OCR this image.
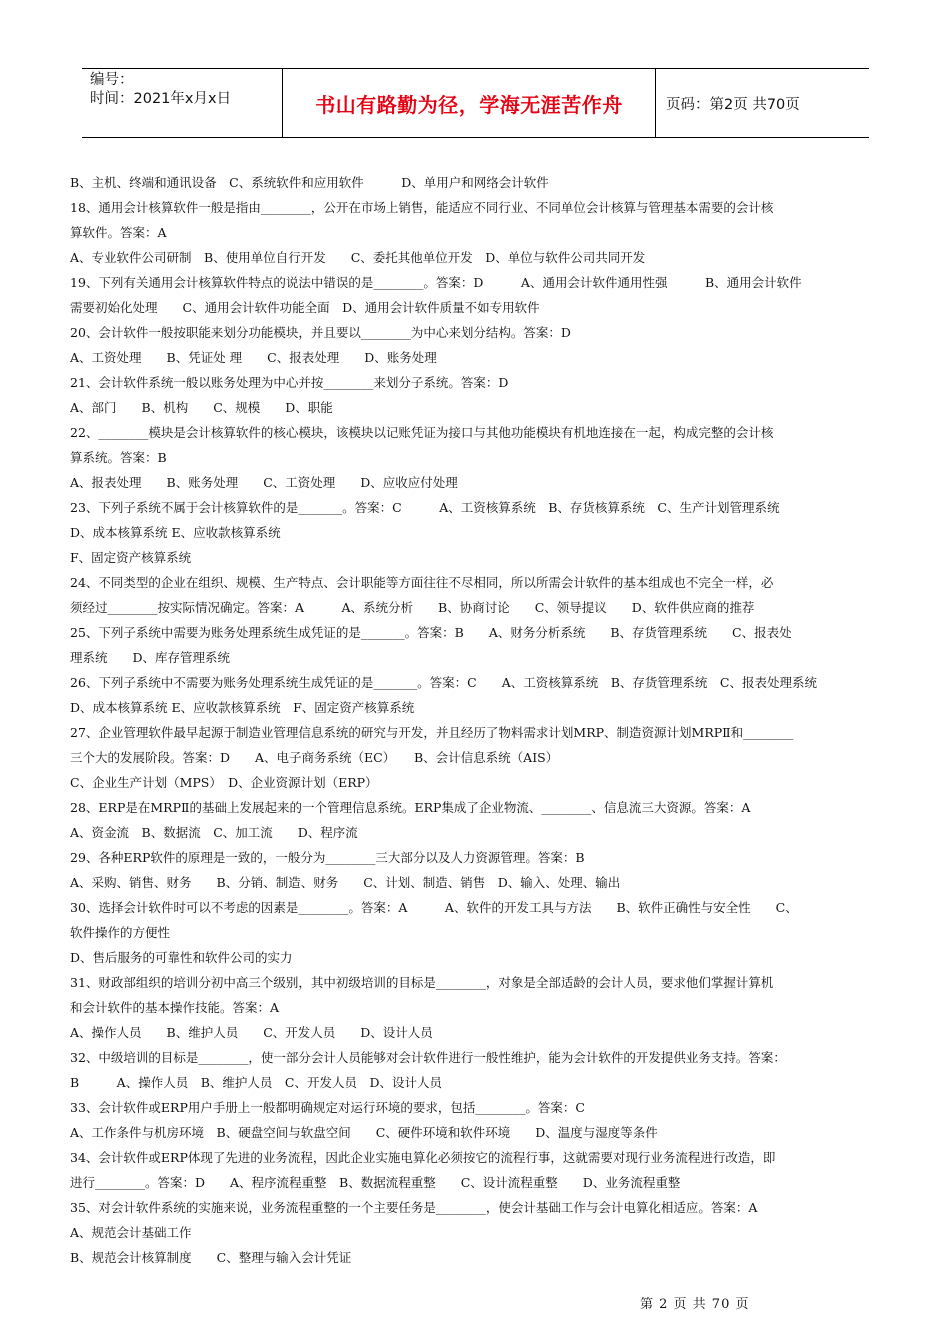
编号：
时间：2021年x月x日	书山有路勤为径，学海无涯苦作舟	页码：第2页 共70页
B、主机、终端和通讯设备　C、系统软件和应用软件　　　D、单用户和网络会计软件
18、通用会计核算软件一般是指由________，公开在市场上销售，能适应不同行业、不同单位会计核算与管理基本需要的会计核
算软件。答案：A
A、专业软件公司研制　B、使用单位自行开发　　C、委托其他单位开发　D、单位与软件公司共同开发
19、下列有关通用会计核算软件特点的说法中错误的是________。答案：D　　　A、通用会计软件通用性强　　　B、通用会计软件
需要初始化处理　　C、通用会计软件功能全面　D、通用会计软件质量不如专用软件
20、会计软件一般按职能来划分功能模块，并且要以________为中心来划分结构。答案：D
A、工资处理　　B、凭证处 理　　C、报表处理　　D、账务处理
21、会计软件系统一般以账务处理为中心并按________来划分子系统。答案：D
A、部门　　B、机构　　C、规模　　D、职能
22、________模块是会计核算软件的核心模块，该模块以记账凭证为接口与其他功能模块有机地连接在一起，构成完整的会计核
算系统。答案：B
A、报表处理　　B、账务处理　　C、工资处理　　D、应收应付处理
23、下列子系统不属于会计核算软件的是_______。答案：C　　　A、工资核算系统　B、存货核算系统　C、生产计划管理系统
D、成本核算系统 E、应收款核算系统
F、固定资产核算系统
24、不同类型的企业在组织、规模、生产特点、会计职能等方面往往不尽相同，所以所需会计软件的基本组成也不完全一样，必
须经过________按实际情况确定。答案：A　　　A、系统分析　　B、协商讨论　　C、领导提议　　D、软件供应商的推荐
25、下列子系统中需要为账务处理系统生成凭证的是_______。答案：B　　A、财务分析系统　　B、存货管理系统　　C、报表处
理系统　　D、库存管理系统
26、下列子系统中不需要为账务处理系统生成凭证的是_______。答案：C　　A、工资核算系统　B、存货管理系统　C、报表处理系统
D、成本核算系统 E、应收款核算系统　F、固定资产核算系统
27、企业管理软件最早起源于制造业管理信息系统的研究与开发，并且经历了物料需求计划MRP、制造资源计划MRPⅡ和________
三个大的发展阶段。答案：D　　A、电子商务系统（EC）　　B、会计信息系统（AIS）
C、企业生产计划（MPS）　D、企业资源计划（ERP）
28、ERP是在MRPⅡ的基础上发展起来的一个管理信息系统。ERP集成了企业物流、________、信息流三大资源。答案：A
A、资金流　B、数据流　C、加工流　　D、程序流
29、各种ERP软件的原理是一致的，一般分为________三大部分以及人力资源管理。答案：B
A、采购、销售、财务　　B、分销、制造、财务　　C、计划、制造、销售　D、输入、处理、输出
30、选择会计软件时可以不考虑的因素是________。答案：A　　　A、软件的开发工具与方法　　B、软件正确性与安全性　　C、
软件操作的方便性
D、售后服务的可靠性和软件公司的实力
31、财政部组织的培训分初中高三个级别，其中初级培训的目标是________，对象是全部适龄的会计人员，要求他们掌握计算机
和会计软件的基本操作技能。答案：A
A、操作人员　　B、维护人员　　C、开发人员　　D、设计人员
32、中级培训的目标是________，使一部分会计人员能够对会计软件进行一般性维护，能为会计软件的开发提供业务支持。答案：
B　　　A、操作人员　B、维护人员　C、开发人员　D、设计人员
33、会计软件或ERP用户手册上一般都明确规定对运行环境的要求，包括________。答案：C
A、工作条件与机房环境　B、硬盘空间与软盘空间　　C、硬件环境和软件环境　　D、温度与湿度等条件
34、会计软件或ERP体现了先进的业务流程，因此企业实施电算化必须按它的流程行事，这就需要对现行业务流程进行改造，即
进行________。答案：D　　A、程序流程重整　B、数据流程重整　　C、设计流程重整　　D、业务流程重整
35、对会计软件系统的实施来说，业务流程重整的一个主要任务是________，使会计基础工作与会计电算化相适应。答案：A
A、规范会计基础工作
B、规范会计核算制度　　C、整理与输入会计凭证
第 2 页 共 70 页
